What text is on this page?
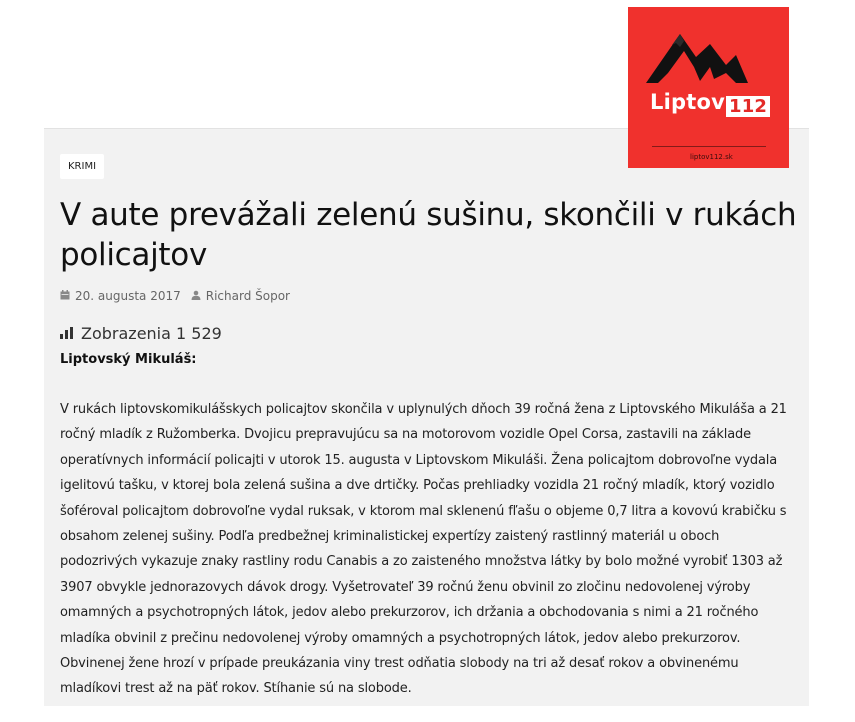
Liptov 112
liptov112.sk
KRIMI
V aute prevážali zelenú sušinu, skončili v rukách policajtov
20. augusta 2017 Richard Šopor
Zobrazenia 1 529
Liptovský Mikuláš:

V rukách liptovskomikulášskych policajtov skončila v uplynulých dňoch 39 ročná žena z Liptovského Mikuláša a 21 ročný mladík z Ružomberka. Dvojicu prepravujúcu sa na motorovom vozidle Opel Corsa, zastavili na základe operatívnych informácií policajti v utorok 15. augusta v Liptovskom Mikuláši. Žena policajtom dobrovoľne vydala igelitovú tašku, v ktorej bola zelená sušina a dve drtičky. Počas prehliadky vozidla 21 ročný mladík, ktorý vozidlo šoféroval policajtom dobrovoľne vydal ruksak, v ktorom mal sklenenú fľašu o objeme 0,7 litra a kovovú krabičku s obsahom zelenej sušiny. Podľa predbežnej kriminalistickej expertízy zaistený rastlinný materiál u oboch podozrivých vykazuje znaky rastliny rodu Canabis a zo zaisteného množstva látky by bolo možné vyrobiť 1303 až 3907 obvykle jednorazovych dávok drogy. Vyšetrovateľ 39 ročnú ženu obvinil zo zločinu nedovolenej výroby omamných a psychotropných látok, jedov alebo prekurzorov, ich držania a obchodovania s nimi a 21 ročného mladíka obvinil z prečinu nedovolenej výroby omamných a psychotropných látok, jedov alebo prekurzorov. Obvinenej žene hrozí v prípade preukázania viny trest odňatia slobody na tri až desať rokov a obvinenému mladíkovi trest až na päť rokov. Stíhanie sú na slobode.
